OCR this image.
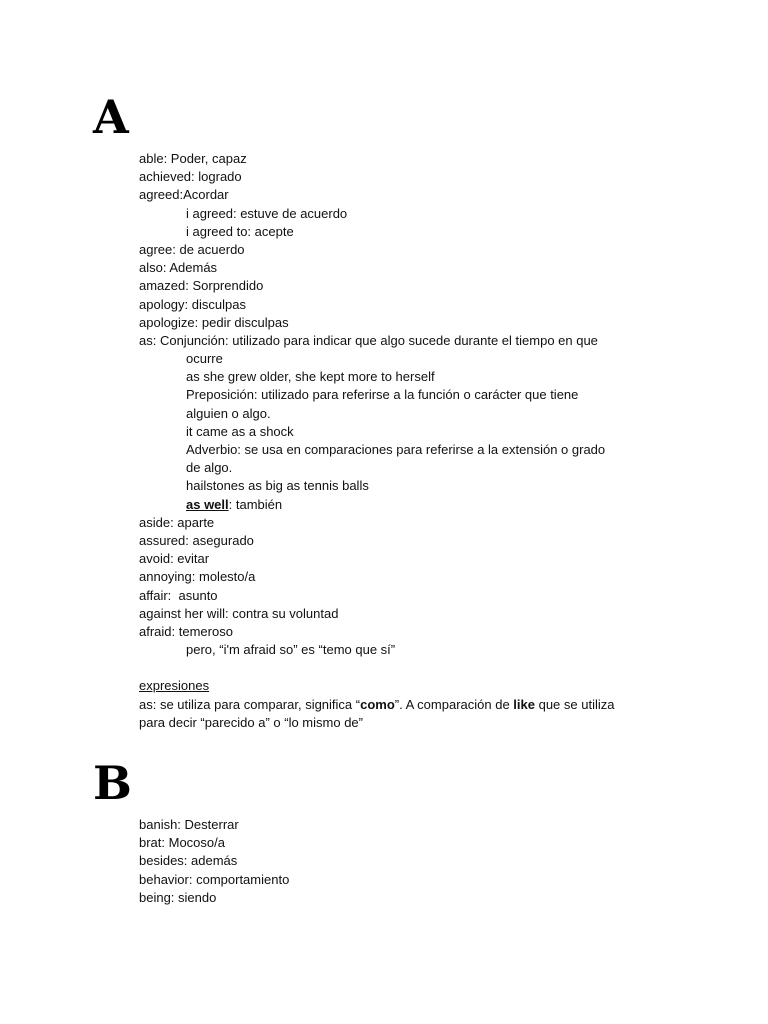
A
able: Poder, capaz
achieved: logrado
agreed:Acordar
i agreed: estuve de acuerdo
i agreed to: acepte
agree: de acuerdo
also: Además
amazed: Sorprendido
apology: disculpas
apologize: pedir disculpas
as: Conjunción: utilizado para indicar que algo sucede durante el tiempo en que
ocurre
as she grew older, she kept more to herself
Preposición: utilizado para referirse a la función o carácter que tiene
alguien o algo.
it came as a shock
Adverbio: se usa en comparaciones para referirse a la extensión o grado
de algo.
hailstones as big as tennis balls
as well: también
aside: aparte
assured: asegurado
avoid: evitar
annoying: molesto/a
affair:  asunto
against her will: contra su voluntad
afraid: temeroso
pero, “i'm afraid so” es “temo que sí”
expresiones
as: se utiliza para comparar, significa “como”. A comparación de like que se utiliza
para decir “parecido a” o “lo mismo de”
B
banish: Desterrar
brat: Mocoso/a
besides: además
behavior: comportamiento
being: siendo
